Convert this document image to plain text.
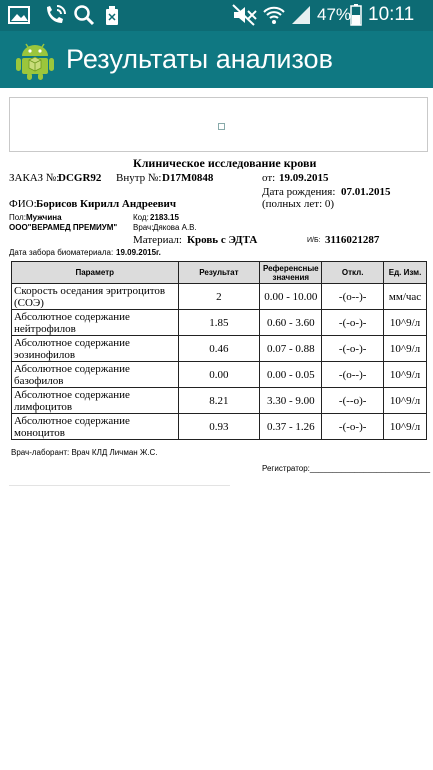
47% 10:11
Результаты анализов
Клиническое исследование крови
ЗАКАЗ №:
DCGR92 Внутр №: D17M0848	от: 19.09.2015
Дата рождения: 07.01.2015
ФИО: Борисов Кирилл Андреевич	(полных лет: 0)
Пол: Мужчина	Код: 2183.15
ООО"ВЕРАМЕД ПРЕМИУМ" Врач: Дякова А.В.
Материал: Кровь с ЭДТА	И/Б: 3116021287
Дата забора биоматериала: 19.09.2015г.
Параметр	Результат	Референсные значения	Откл.	Ед. Изм.
Скорость оседания эритроцитов (СОЭ)	2	0.00 - 10.00	-(о--)-	мм/час
Абсолютное содержание нейтрофилов	1.85	0.60 - 3.60	-(-о-)-	10^9/л
Абсолютное содержание эозинофилов	0.46	0.07 - 0.88	-(-о-)-	10^9/л
Абсолютное содержание базофилов	0.00	0.00 - 0.05	-(о--)-	10^9/л
Абсолютное содержание лимфоцитов	8.21	3.30 - 9.00	-(--о)-	10^9/л
Абсолютное содержание моноцитов	0.93	0.37 - 1.26	-(-о-)-	10^9/л
Врач-лаборант: Врач КЛД Личман Ж.С.
Регистратор:___________________________
